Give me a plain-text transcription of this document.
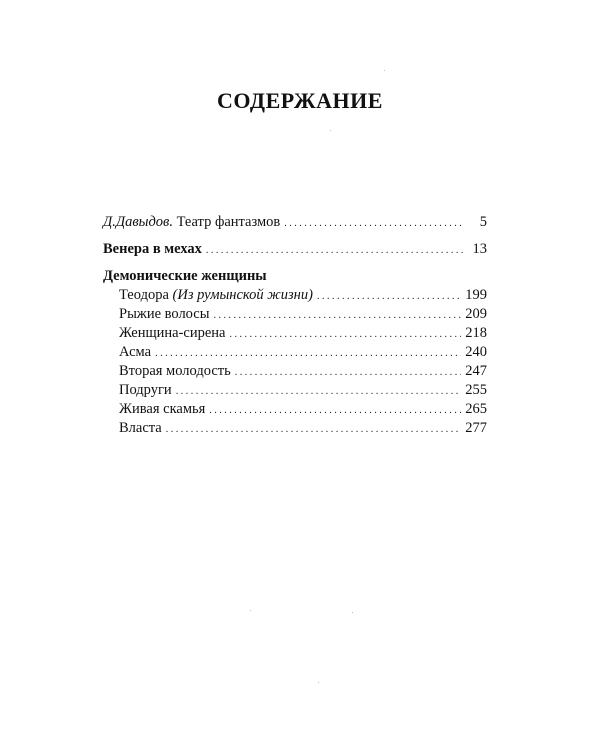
СОДЕРЖАНИЕ
Д.Давыдов. Театр фантазмов . . .	5
Венера в мехах . . .	13
Демонические женщины
Теодора (Из румынской жизни) . . .	199
Рыжие волосы . . .	209
Женщина-сирена . . .	218
Асма . . .	240
Вторая молодость . . .	247
Подруги . . .	255
Живая скамья . . .	265
Власта . . .	277
